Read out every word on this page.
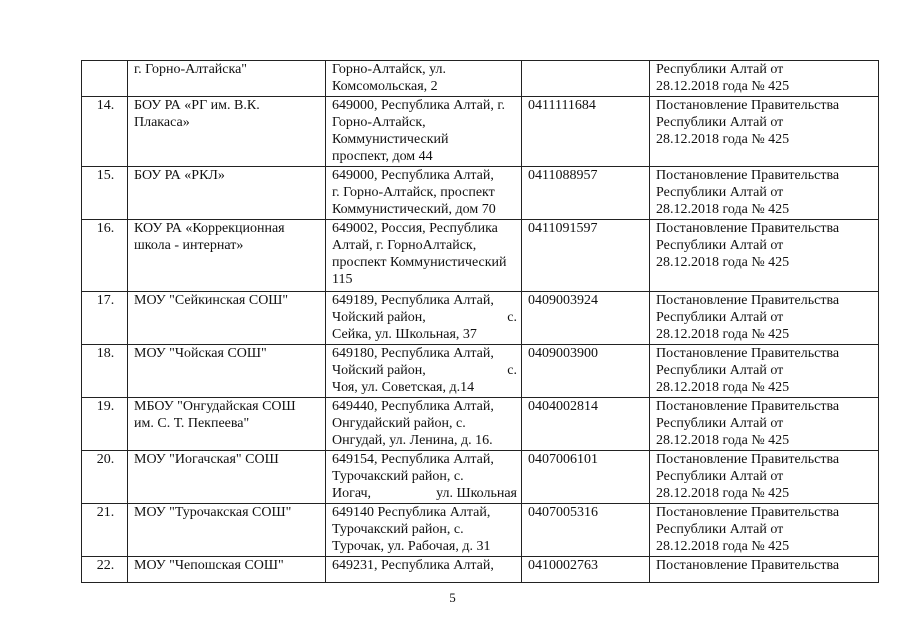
	г. Горно-Алтайска"	Горно-Алтайск, ул.
Комсомольская, 2		Республики Алтай от
28.12.2018 года № 425

14.	БОУ РА «РГ им. В.К.
Плакаса»	649000, Республика Алтай, г.
Горно-Алтайск,
Коммунистический
проспект, дом 44	0411111684	Постановление Правительства
Республики Алтай от
28.12.2018 года № 425

15.	БОУ РА «РКЛ»	649000, Республика Алтай,
г. Горно-Алтайск, проспект
Коммунистический, дом 70	0411088957	Постановление Правительства
Республики Алтай от
28.12.2018 года № 425

16.	КОУ РА «Коррекционная
школа - интернат»	649002, Россия, Республика
Алтай, г. ГорноАлтайск,
проспект Коммунистический
115	0411091597	Постановление Правительства
Республики Алтай от
28.12.2018 года № 425

17.	МОУ "Сейкинская СОШ"	649189, Республика Алтай,
Чойский район, с.
Сейка, ул. Школьная, 37	0409003924	Постановление Правительства
Республики Алтай от
28.12.2018 года № 425

18.	МОУ "Чойская СОШ"	649180, Республика Алтай,
Чойский район, с.
Чоя, ул. Советская, д.14	0409003900	Постановление Правительства
Республики Алтай от
28.12.2018 года № 425

19.	МБОУ "Онгудайская СОШ
им. С. Т. Пекпеева"	649440, Республика Алтай,
Онгудайский район, с.
Онгудай, ул. Ленина, д. 16.	0404002814	Постановление Правительства
Республики Алтай от
28.12.2018 года № 425

20.	МОУ "Иогачская" СОШ	649154, Республика Алтай,
Турочакский район, с.
Иогач, ул. Школьная	0407006101	Постановление Правительства
Республики Алтай от
28.12.2018 года № 425

21.	МОУ "Турочакская СОШ"	649140 Республика Алтай,
Турочакский район, с.
Турочак, ул. Рабочая, д. 31	0407005316	Постановление Правительства
Республики Алтай от
28.12.2018 года № 425

22.	МОУ "Чепошская СОШ"	649231, Республика Алтай,	0410002763	Постановление Правительства
5
